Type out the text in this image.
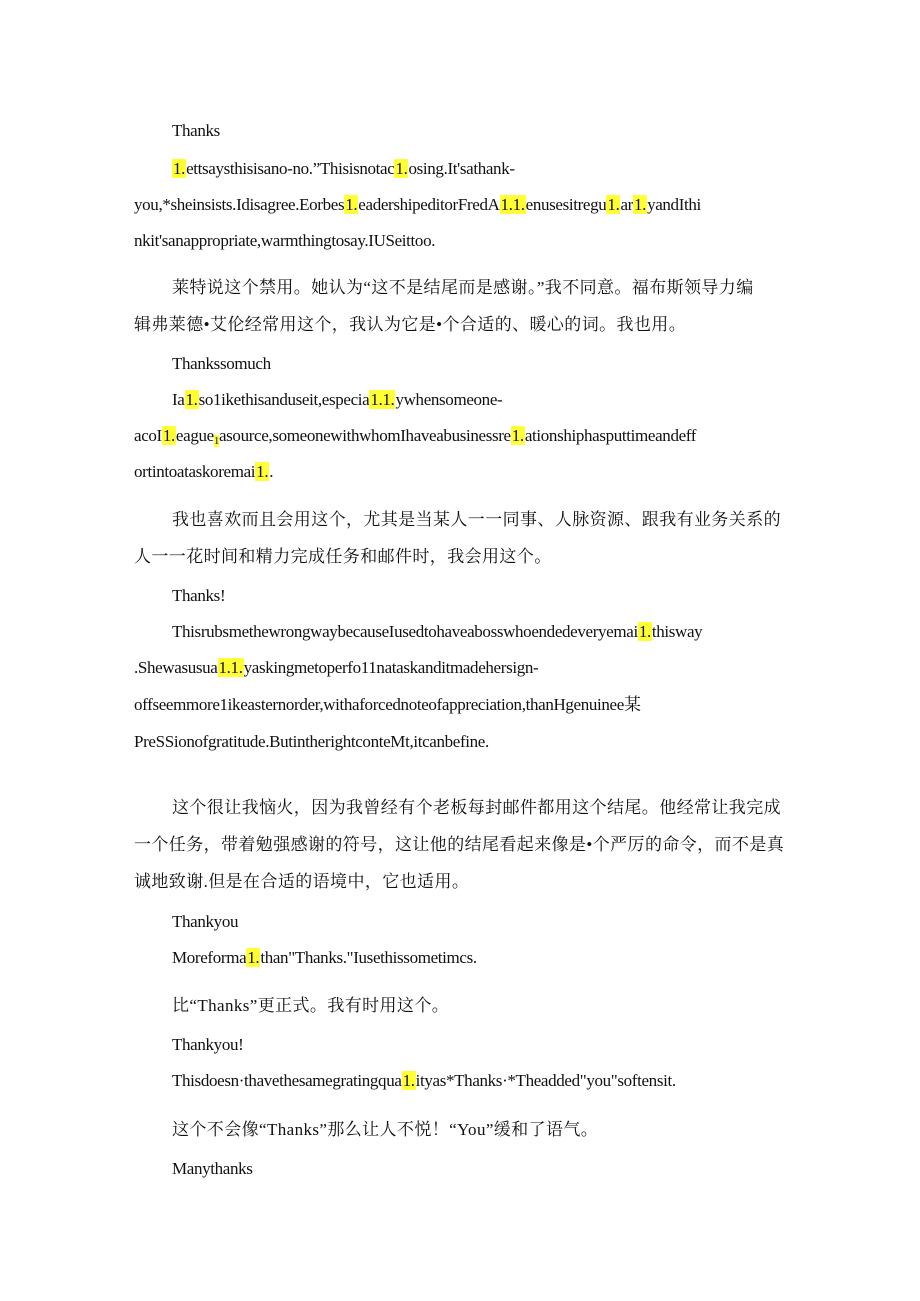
Thanks
1.ettsaysthisisano-no.”Thisisnotac1.osing.It'sathank-
you,*sheinsists.Idisagree.Eorbes1.eadershipeditorFredA1.1.enusesitregu1.ar1.yandIthi
nkit'sanappropriate,warmthingtosay.IUSeittoo.
莱特说这个禁用。她认为“这不是结尾而是感谢。”我不同意。福布斯领导力编
辑弗莱德•艾伦经常用这个，我认为它是•个合适的、暖心的词。我也用。
Thankssomuch
Ia1.so1ikethisanduseit,especia1.1.ywhensomeone-
acoI1.eague$_1$asource,someonewithwhomIhaveabusinessre1.ationshiphasputtimeandeff
ortintoataskoremai1..
我也喜欢而且会用这个，尤其是当某人一一同事、人脉资源、跟我有业务关系的
人一一花时间和精力完成任务和邮件时，我会用这个。
Thanks!
ThisrubsmethewrongwaybecauseIusedtohaveabosswhoendedeveryemai1.thisway
.Shewasusua1.1.yaskingmetoperfo11nataskanditmadehersign-
offseemmore1ikeasternorder,withaforcednoteofappreciation,thanHgenuinee某
PreSSionofgratitude.ButintherightconteMt,itcanbefine.
这个很让我恼火，因为我曾经有个老板每封邮件都用这个结尾。他经常让我完成
一个任务，带着勉强感谢的符号，这让他的结尾看起来像是•个严厉的命令，而不是真
诚地致谢.但是在合适的语境中，它也适用。
Thankyou
Moreforma1.than"Thanks."Iusethissometimcs.
比“Thanks”更正式。我有时用这个。
Thankyou!
Thisdoesn·thavethesamegratingqua1.ityas*Thanks·*Theadded"you"softensit.
这个不会像“Thanks”那么让人不悦！“You”缓和了语气。
Manythanks
